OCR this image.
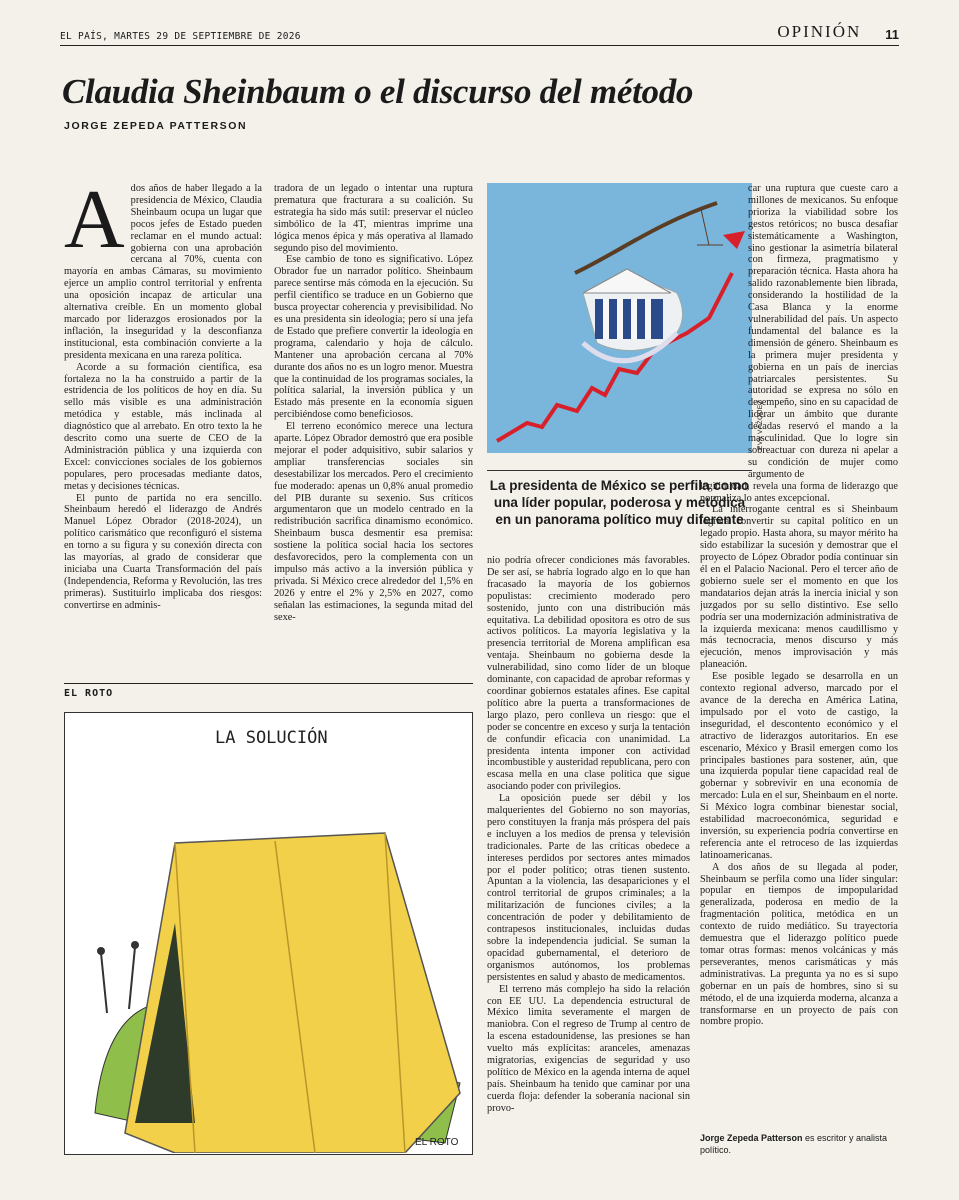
EL PAÍS, MARTES 29 DE SEPTIEMBRE DE 2026	OPINIÓN 11
Claudia Sheinbaum o el discurso del método
JORGE ZEPEDA PATTERSON
A dos años de haber llegado a la presidencia de México, Claudia Sheinbaum ocupa un lugar que pocos jefes de Estado pueden reclamar en el mundo actual: gobierna con una aprobación cercana al 70%, cuenta con mayoría en ambas Cámaras, su movimiento ejerce un amplio control territorial y enfrenta una oposición incapaz de articular una alternativa creíble. En un momento global marcado por liderazgos erosionados por la inflación, la inseguridad y la desconfianza institucional, esta combinación convierte a la presidenta mexicana en una rareza política.

Acorde a su formación científica, esa fortaleza no la ha construido a partir de la estridencia de los políticos de hoy en día. Su sello más visible es una administración metódica y estable, más inclinada al diagnóstico que al arrebato. En otro texto la he descrito como una suerte de CEO de la Administración pública y una izquierda con Excel: convicciones sociales de los gobiernos populares, pero procesadas mediante datos, metas y decisiones técnicas.

El punto de partida no era sencillo. Sheinbaum heredó el liderazgo de Andrés Manuel López Obrador (2018-2024), un político carismático que reconfiguró el sistema en torno a su figura y su conexión directa con las mayorías, al grado de considerar que iniciaba una Cuarta Transformación del país (Independencia, Reforma y Revolución, las tres primeras). Sustituirlo implicaba dos riesgos: convertirse en adminis-

tradora de un legado o intentar una ruptura prematura que fracturara a su coalición. Su estrategia ha sido más sutil: preservar el núcleo simbólico de la 4T, mientras imprime una lógica menos épica y más operativa al llamado segundo piso del movimiento.

Ese cambio de tono es significativo. López Obrador fue un narrador político. Sheinbaum parece sentirse más cómoda en la ejecución. Su perfil científico se traduce en un Gobierno que busca proyectar coherencia y previsibilidad. No es una presidenta sin ideología; pero sí una jefa de Estado que prefiere convertir la ideología en programa, calendario y hoja de cálculo. Mantener una aprobación cercana al 70% durante dos años no es un logro menor. Muestra que la continuidad de los programas sociales, la política salarial, la inversión pública y un Estado más presente en la economía siguen percibiéndose como beneficiosos.

El terreno económico merece una lectura aparte. López Obrador demostró que era posible mejorar el poder adquisitivo, subir salarios y ampliar transferencias sociales sin desestabilizar los mercados. Pero el crecimiento fue moderado: apenas un 0,8% anual promedio del PIB durante su sexenio. Sus críticos argumentaron que un modelo centrado en la redistribución sacrifica dinamismo económico. Sheinbaum busca desmentir esa premisa: sostiene la política social hacia los sectores desfavorecidos, pero la complementa con un impulso más activo a la inversión pública y privada. Si México crece alrededor del 1,5% en 2026 y entre el 2% y 2,5% en 2027, como señalan las estimaciones, la segunda mitad del sexe-

EVA VÁZQUEZ
La presidenta de México se perfila como una líder popular, poderosa y metódica en un panorama político muy diferente

nio podría ofrecer condiciones más favorables. De ser así, se habría logrado algo en lo que han fracasado la mayoría de los gobiernos populistas: crecimiento moderado pero sostenido, junto con una distribución más equitativa. La debilidad opositora es otro de sus activos políticos. La mayoría legislativa y la presencia territorial de Morena amplifican esa ventaja. Sheinbaum no gobierna desde la vulnerabilidad, sino como líder de un bloque dominante, con capacidad de aprobar reformas y coordinar gobiernos estatales afines. Ese capital político abre la puerta a transformaciones de largo plazo, pero conlleva un riesgo: que el poder se concentre en exceso y surja la tentación de confundir eficacia con unanimidad. La presidenta intenta imponer con actividad incombustible y austeridad republicana, pero con escasa mella en una clase política que sigue asociando poder con privilegios.

La oposición puede ser débil y los malquerientes del Gobierno no son mayorías, pero constituyen la franja más próspera del país e incluyen a los medios de prensa y televisión tradicionales. Parte de las críticas obedece a intereses perdidos por sectores antes mimados por el poder político; otras tienen sustento. Apuntan a la violencia, las desapariciones y el control territorial de grupos criminales; a la militarización de funciones civiles; a la concentración de poder y debilitamiento de contrapesos institucionales, incluidas dudas sobre la independencia judicial. Se suman la opacidad gubernamental, el deterioro de organismos autónomos, los problemas persistentes en salud y abasto de medicamentos.

El terreno más complejo ha sido la relación con EE UU. La dependencia estructural de México limita severamente el margen de maniobra. Con el regreso de Trump al centro de la escena estadounidense, las presiones se han vuelto más explícitas: aranceles, amenazas migratorias, exigencias de seguridad y uso político de México en la agenda interna de aquel país. Sheinbaum ha tenido que caminar por una cuerda floja: defender la soberanía nacional sin provo-

car una ruptura que cueste caro a millones de mexicanos. Su enfoque prioriza la viabilidad sobre los gestos retóricos; no busca desafiar sistemáticamente a Washington, sino gestionar la asimetría bilateral con firmeza, pragmatismo y preparación técnica. Hasta ahora ha salido razonablemente bien librada, considerando la hostilidad de la Casa Blanca y la enorme vulnerabilidad del país. Un aspecto fundamental del balance es la dimensión de género. Sheinbaum es la primera mujer presidenta y gobierna en un país de inercias patriarcales persistentes. Su autoridad se expresa no sólo en desempeño, sino en su capacidad de liderar un ámbito que durante décadas reservó el mando a la masculinidad. Que lo logre sin sobreactuar con dureza ni apelar a su condición de mujer como argumento de

legitimidad, revela una forma de liderazgo que normaliza lo antes excepcional.

La interrogante central es si Sheinbaum logrará convertir su capital político en un legado propio. Hasta ahora, su mayor mérito ha sido estabilizar la sucesión y demostrar que el proyecto de López Obrador podía continuar sin él en el Palacio Nacional. Pero el tercer año de gobierno suele ser el momento en que los mandatarios dejan atrás la inercia inicial y son juzgados por su sello distintivo. Ese sello podría ser una modernización administrativa de la izquierda mexicana: menos caudillismo y más tecnocracia, menos discurso y más ejecución, menos improvisación y más planeación.

Ese posible legado se desarrolla en un contexto regional adverso, marcado por el avance de la derecha en América Latina, impulsado por el voto de castigo, la inseguridad, el descontento económico y el atractivo de liderazgos autoritarios. En ese escenario, México y Brasil emergen como los principales bastiones para sostener, aún, que una izquierda popular tiene capacidad real de gobernar y sobrevivir en una economía de mercado: Lula en el sur, Sheinbaum en el norte. Si México logra combinar bienestar social, estabilidad macroeconómica, seguridad e inversión, su experiencia podría convertirse en referencia ante el retroceso de las izquierdas latinoamericanas.

A dos años de su llegada al poder, Sheinbaum se perfila como una líder singular: popular en tiempos de impopularidad generalizada, poderosa en medio de la fragmentación política, metódica en un contexto de ruido mediático. Su trayectoria demuestra que el liderazgo político puede tomar otras formas: menos volcánicas y más perseverantes, menos carismáticas y más administrativas. La pregunta ya no es si supo gobernar en un país de hombres, sino si su método, el de una izquierda moderna, alcanza a transformarse en un proyecto de país con nombre propio.

Jorge Zepeda Patterson es escritor y analista político.
EL ROTO
LA SOLUCIÓN
EL ROTO
